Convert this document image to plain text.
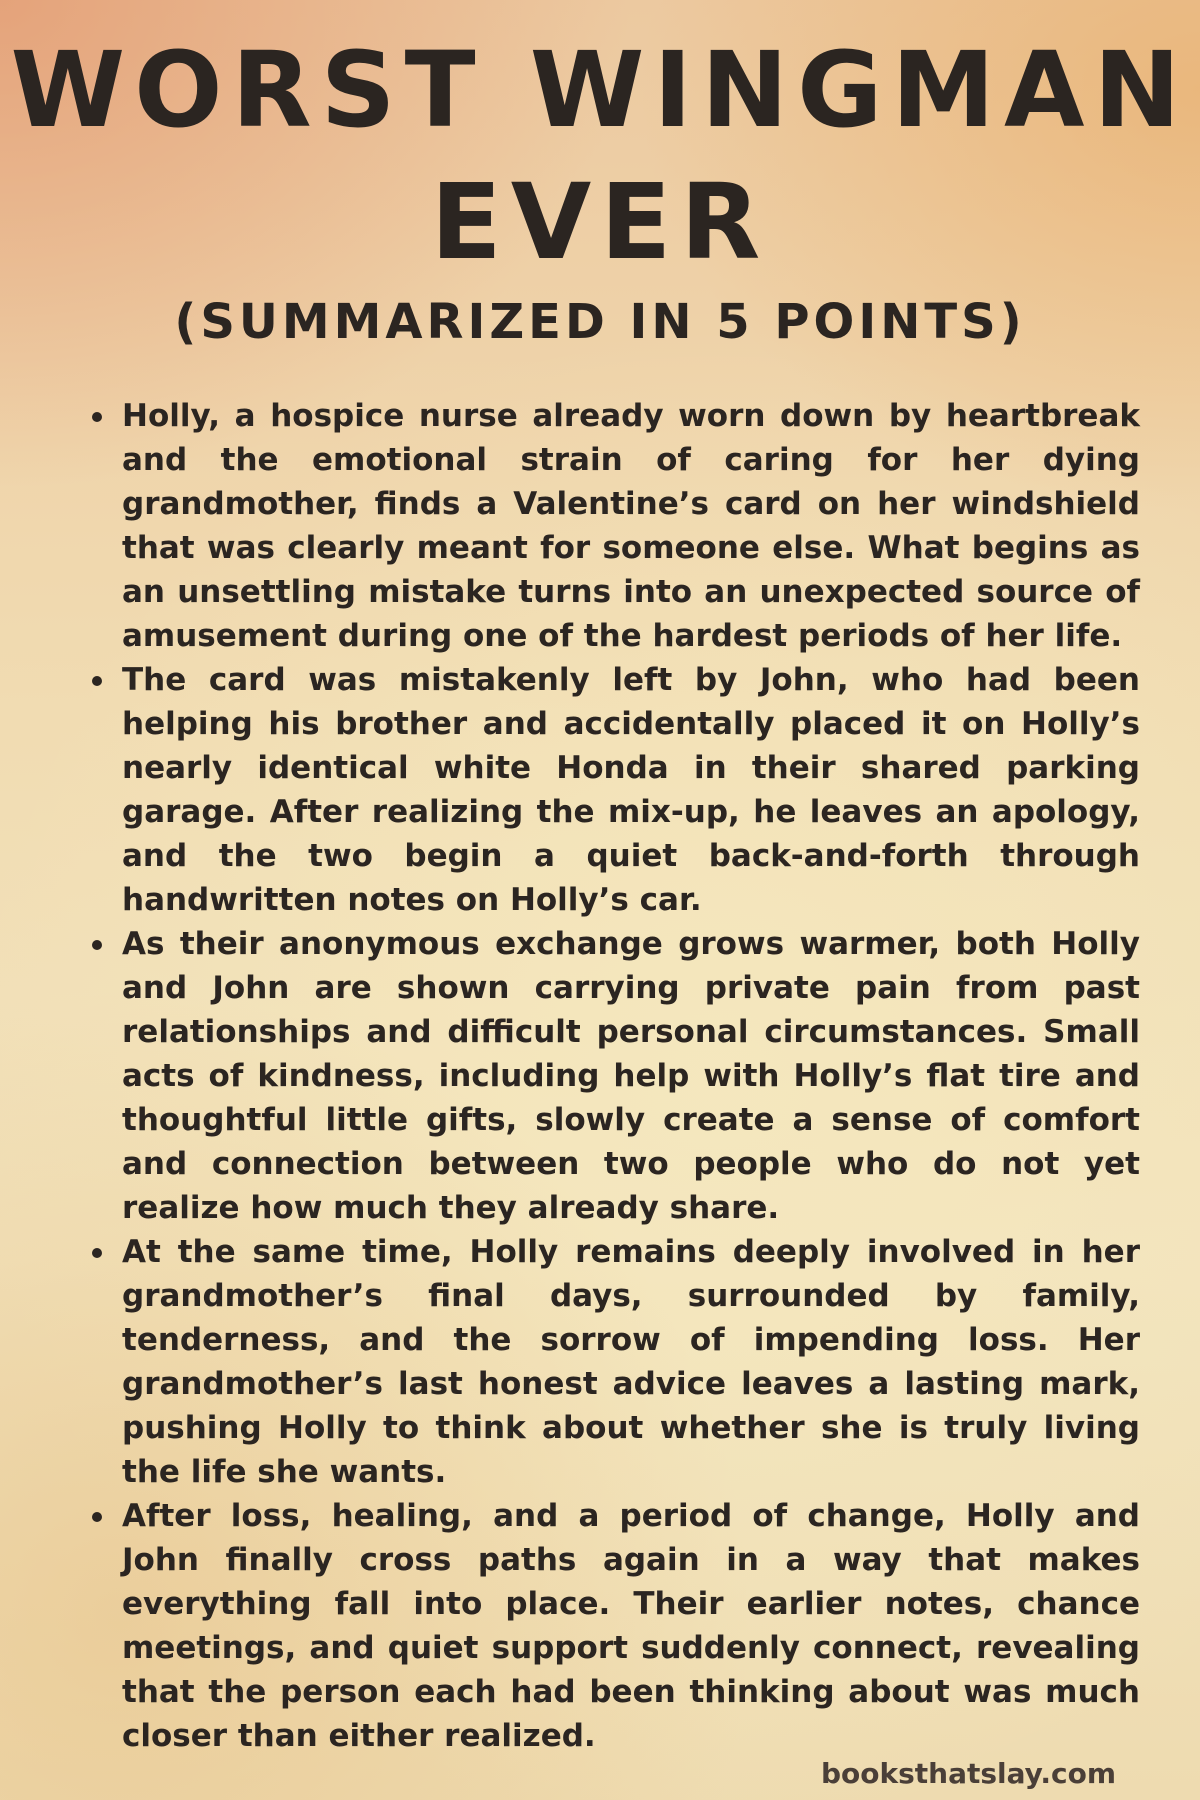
WORST WINGMAN
EVER
(SUMMARIZED IN 5 POINTS)
Holly, a hospice nurse already worn down by heartbreak and the emotional strain of caring for her dying grandmother, finds a Valentine’s card on her windshield that was clearly meant for someone else. What begins as an unsettling mistake turns into an unexpected source of amusement during one of the hardest periods of her life.
The card was mistakenly left by John, who had been helping his brother and accidentally placed it on Holly’s nearly identical white Honda in their shared parking garage. After realizing the mix-up, he leaves an apology, and the two begin a quiet back-and-forth through handwritten notes on Holly’s car.
As their anonymous exchange grows warmer, both Holly and John are shown carrying private pain from past relationships and difficult personal circumstances. Small acts of kindness, including help with Holly’s flat tire and thoughtful little gifts, slowly create a sense of comfort and connection between two people who do not yet realize how much they already share.
At the same time, Holly remains deeply involved in her grandmother’s final days, surrounded by family, tenderness, and the sorrow of impending loss. Her grandmother’s last honest advice leaves a lasting mark, pushing Holly to think about whether she is truly living the life she wants.
After loss, healing, and a period of change, Holly and John finally cross paths again in a way that makes everything fall into place. Their earlier notes, chance meetings, and quiet support suddenly connect, revealing that the person each had been thinking about was much closer than either realized.
booksthatslay.com
